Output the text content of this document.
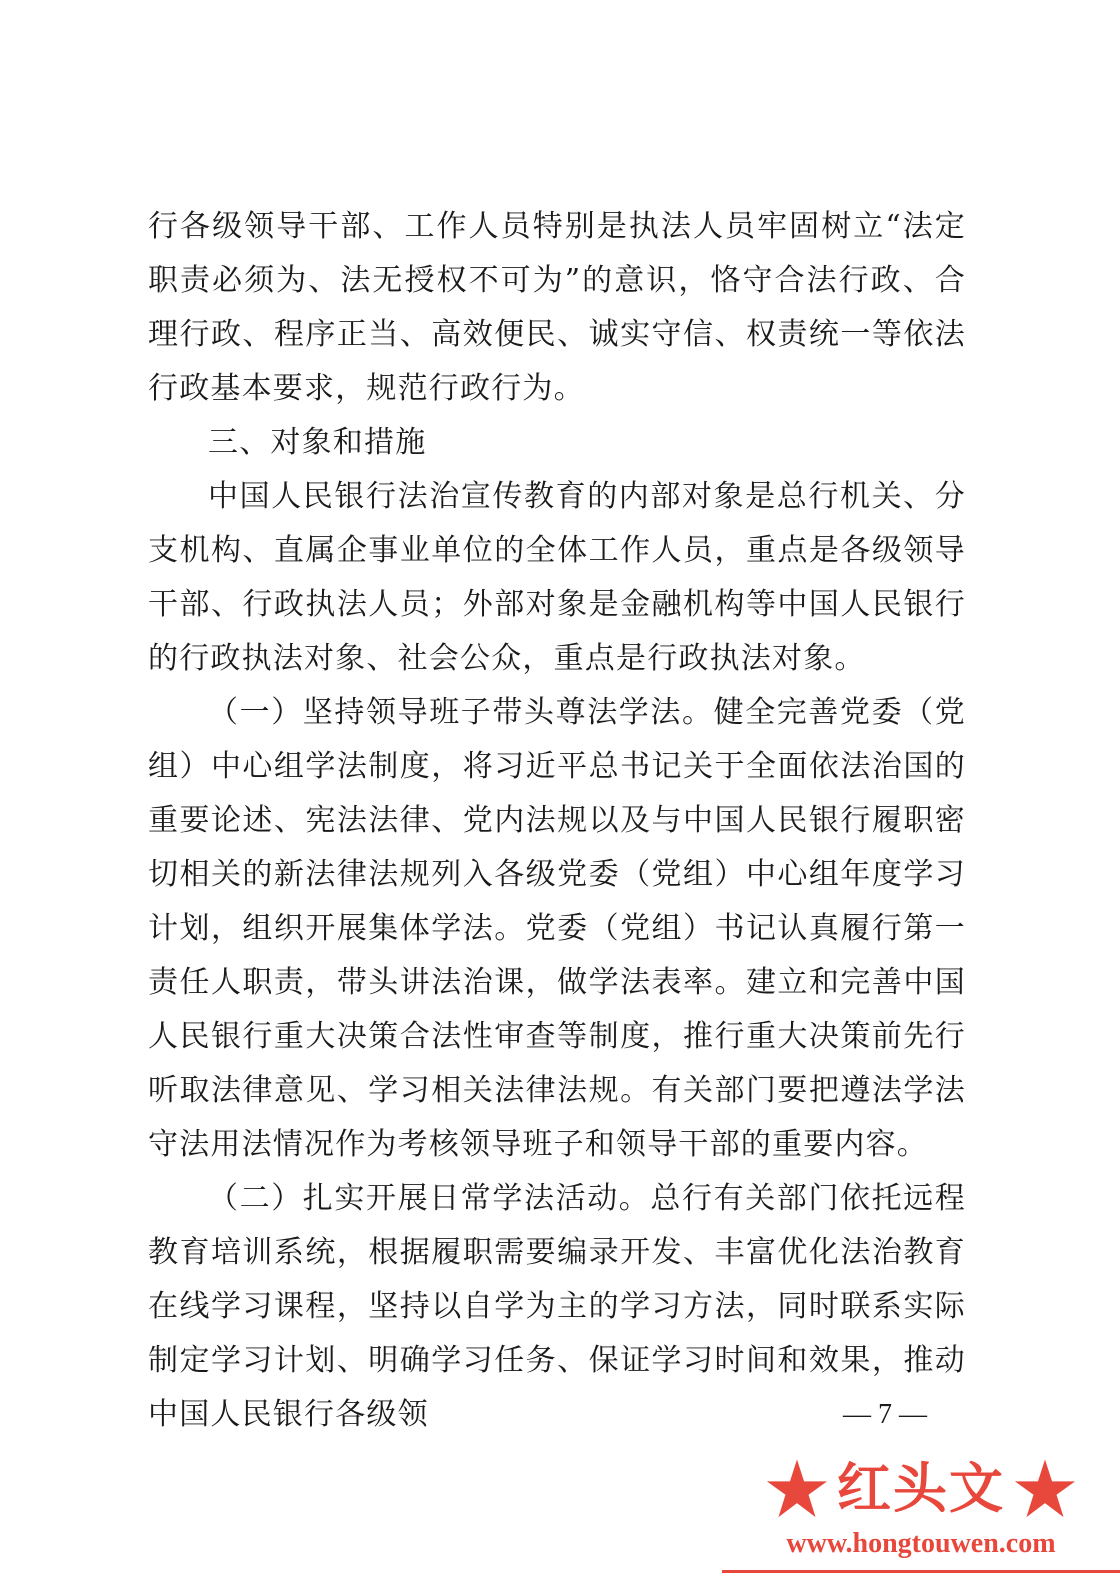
行各级领导干部、工作人员特别是执法人员牢固树立“法定职责必须为、法无授权不可为”的意识，恪守合法行政、合理行政、程序正当、高效便民、诚实守信、权责统一等依法行政基本要求，规范行政行为。

三、对象和措施

中国人民银行法治宣传教育的内部对象是总行机关、分支机构、直属企事业单位的全体工作人员，重点是各级领导干部、行政执法人员；外部对象是金融机构等中国人民银行的行政执法对象、社会公众，重点是行政执法对象。

（一）坚持领导班子带头尊法学法。健全完善党委（党组）中心组学法制度，将习近平总书记关于全面依法治国的重要论述、宪法法律、党内法规以及与中国人民银行履职密切相关的新法律法规列入各级党委（党组）中心组年度学习计划，组织开展集体学法。党委（党组）书记认真履行第一责任人职责，带头讲法治课，做学法表率。建立和完善中国人民银行重大决策合法性审查等制度，推行重大决策前先行听取法律意见、学习相关法律法规。有关部门要把遵法学法守法用法情况作为考核领导班子和领导干部的重要内容。

（二）扎实开展日常学法活动。总行有关部门依托远程教育培训系统，根据履职需要编录开发、丰富优化法治教育在线学习课程，坚持以自学为主的学习方法，同时联系实际制定学习计划、明确学习任务、保证学习时间和效果，推动中国人民银行各级领	— 7 —
红头文
www.hongtouwen.com
